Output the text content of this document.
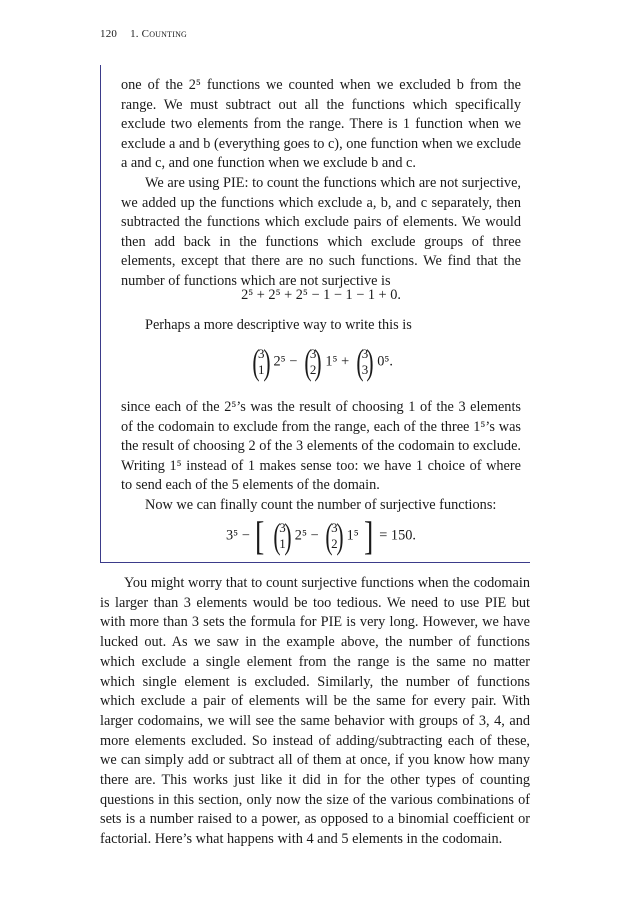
120 1. Counting

one of the 2⁵ functions we counted when we excluded b from the range. We must subtract out all the functions which specifically exclude two elements from the range. There is 1 function when we exclude a and b (everything goes to c), one function when we exclude a and c, and one function when we exclude b and c.

We are using PIE: to count the functions which are not surjective, we added up the functions which exclude a, b, and c separately, then subtracted the functions which exclude pairs of elements. We would then add back in the functions which exclude groups of three elements, except that there are no such functions. We find that the number of functions which are not surjective is

2⁵ + 2⁵ + 2⁵ − 1 − 1 − 1 + 0.

Perhaps a more descriptive way to write this is

(
3
1
) 2⁵ − (
3
2
) 1⁵ + (
3
3
) 0⁵.

since each of the 2⁵’s was the result of choosing 1 of the 3 elements of the codomain to exclude from the range, each of the three 1⁵’s was the result of choosing 2 of the 3 elements of the codomain to exclude. Writing 1⁵ instead of 1 makes sense too: we have 1 choice of where to send each of the 5 elements of the domain.

Now we can finally count the number of surjective functions:

3⁵ − [ (
3
1
) 2⁵ − (
3
2
) 1⁵ ] = 150.

You might worry that to count surjective functions when the codomain is larger than 3 elements would be too tedious. We need to use PIE but with more than 3 sets the formula for PIE is very long. However, we have lucked out. As we saw in the example above, the number of functions which exclude a single element from the range is the same no matter which single element is excluded. Similarly, the number of functions which exclude a pair of elements will be the same for every pair. With larger codomains, we will see the same behavior with groups of 3, 4, and more elements excluded. So instead of adding/subtracting each of these, we can simply add or subtract all of them at once, if you know how many there are. This works just like it did in for the other types of counting questions in this section, only now the size of the various combinations of sets is a number raised to a power, as opposed to a binomial coefficient or factorial. Here’s what happens with 4 and 5 elements in the codomain.
